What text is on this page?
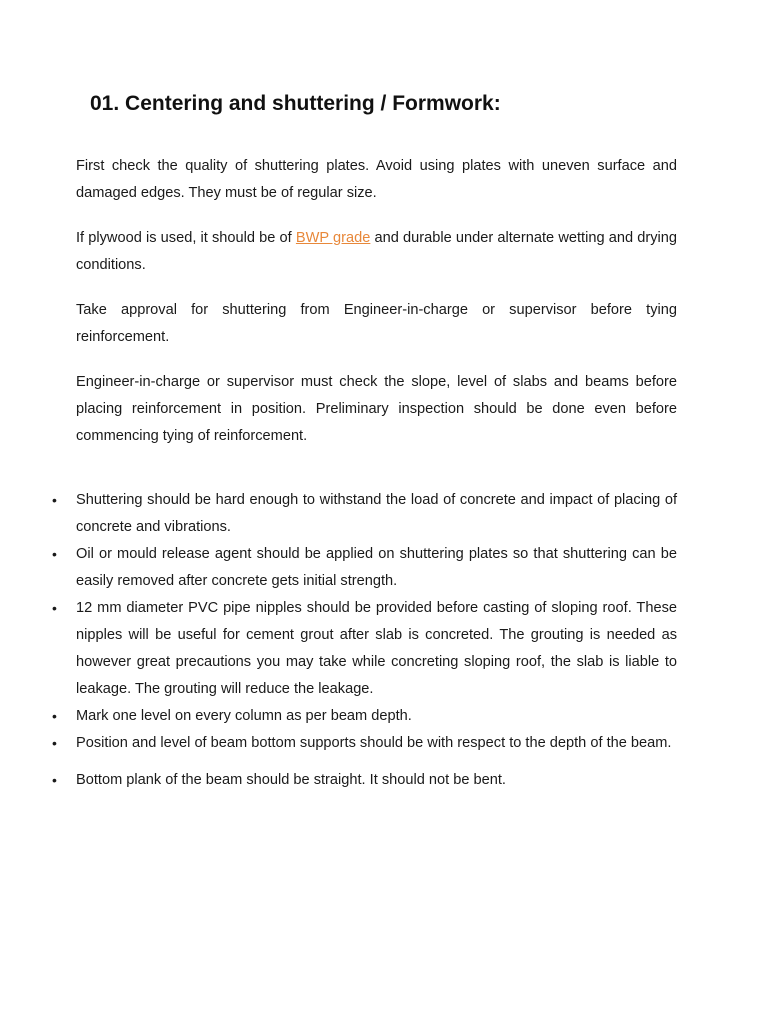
01. Centering and shuttering / Formwork:

First check the quality of shuttering plates. Avoid using plates with uneven surface and damaged edges. They must be of regular size.

If plywood is used, it should be of BWP grade and durable under alternate wetting and drying conditions.

Take approval for shuttering from Engineer-in-charge or supervisor before tying reinforcement.

Engineer-in-charge or supervisor must check the slope, level of slabs and beams before placing reinforcement in position. Preliminary inspection should be done even before commencing tying of reinforcement.

• Shuttering should be hard enough to withstand the load of concrete and impact of placing of concrete and vibrations.
• Oil or mould release agent should be applied on shuttering plates so that shuttering can be easily removed after concrete gets initial strength.
• 12 mm diameter PVC pipe nipples should be provided before casting of sloping roof. These nipples will be useful for cement grout after slab is concreted. The grouting is needed as however great precautions you may take while concreting sloping roof, the slab is liable to leakage. The grouting will reduce the leakage.
• Mark one level on every column as per beam depth.
• Position and level of beam bottom supports should be with respect to the depth of the beam.
• Bottom plank of the beam should be straight. It should not be bent.
